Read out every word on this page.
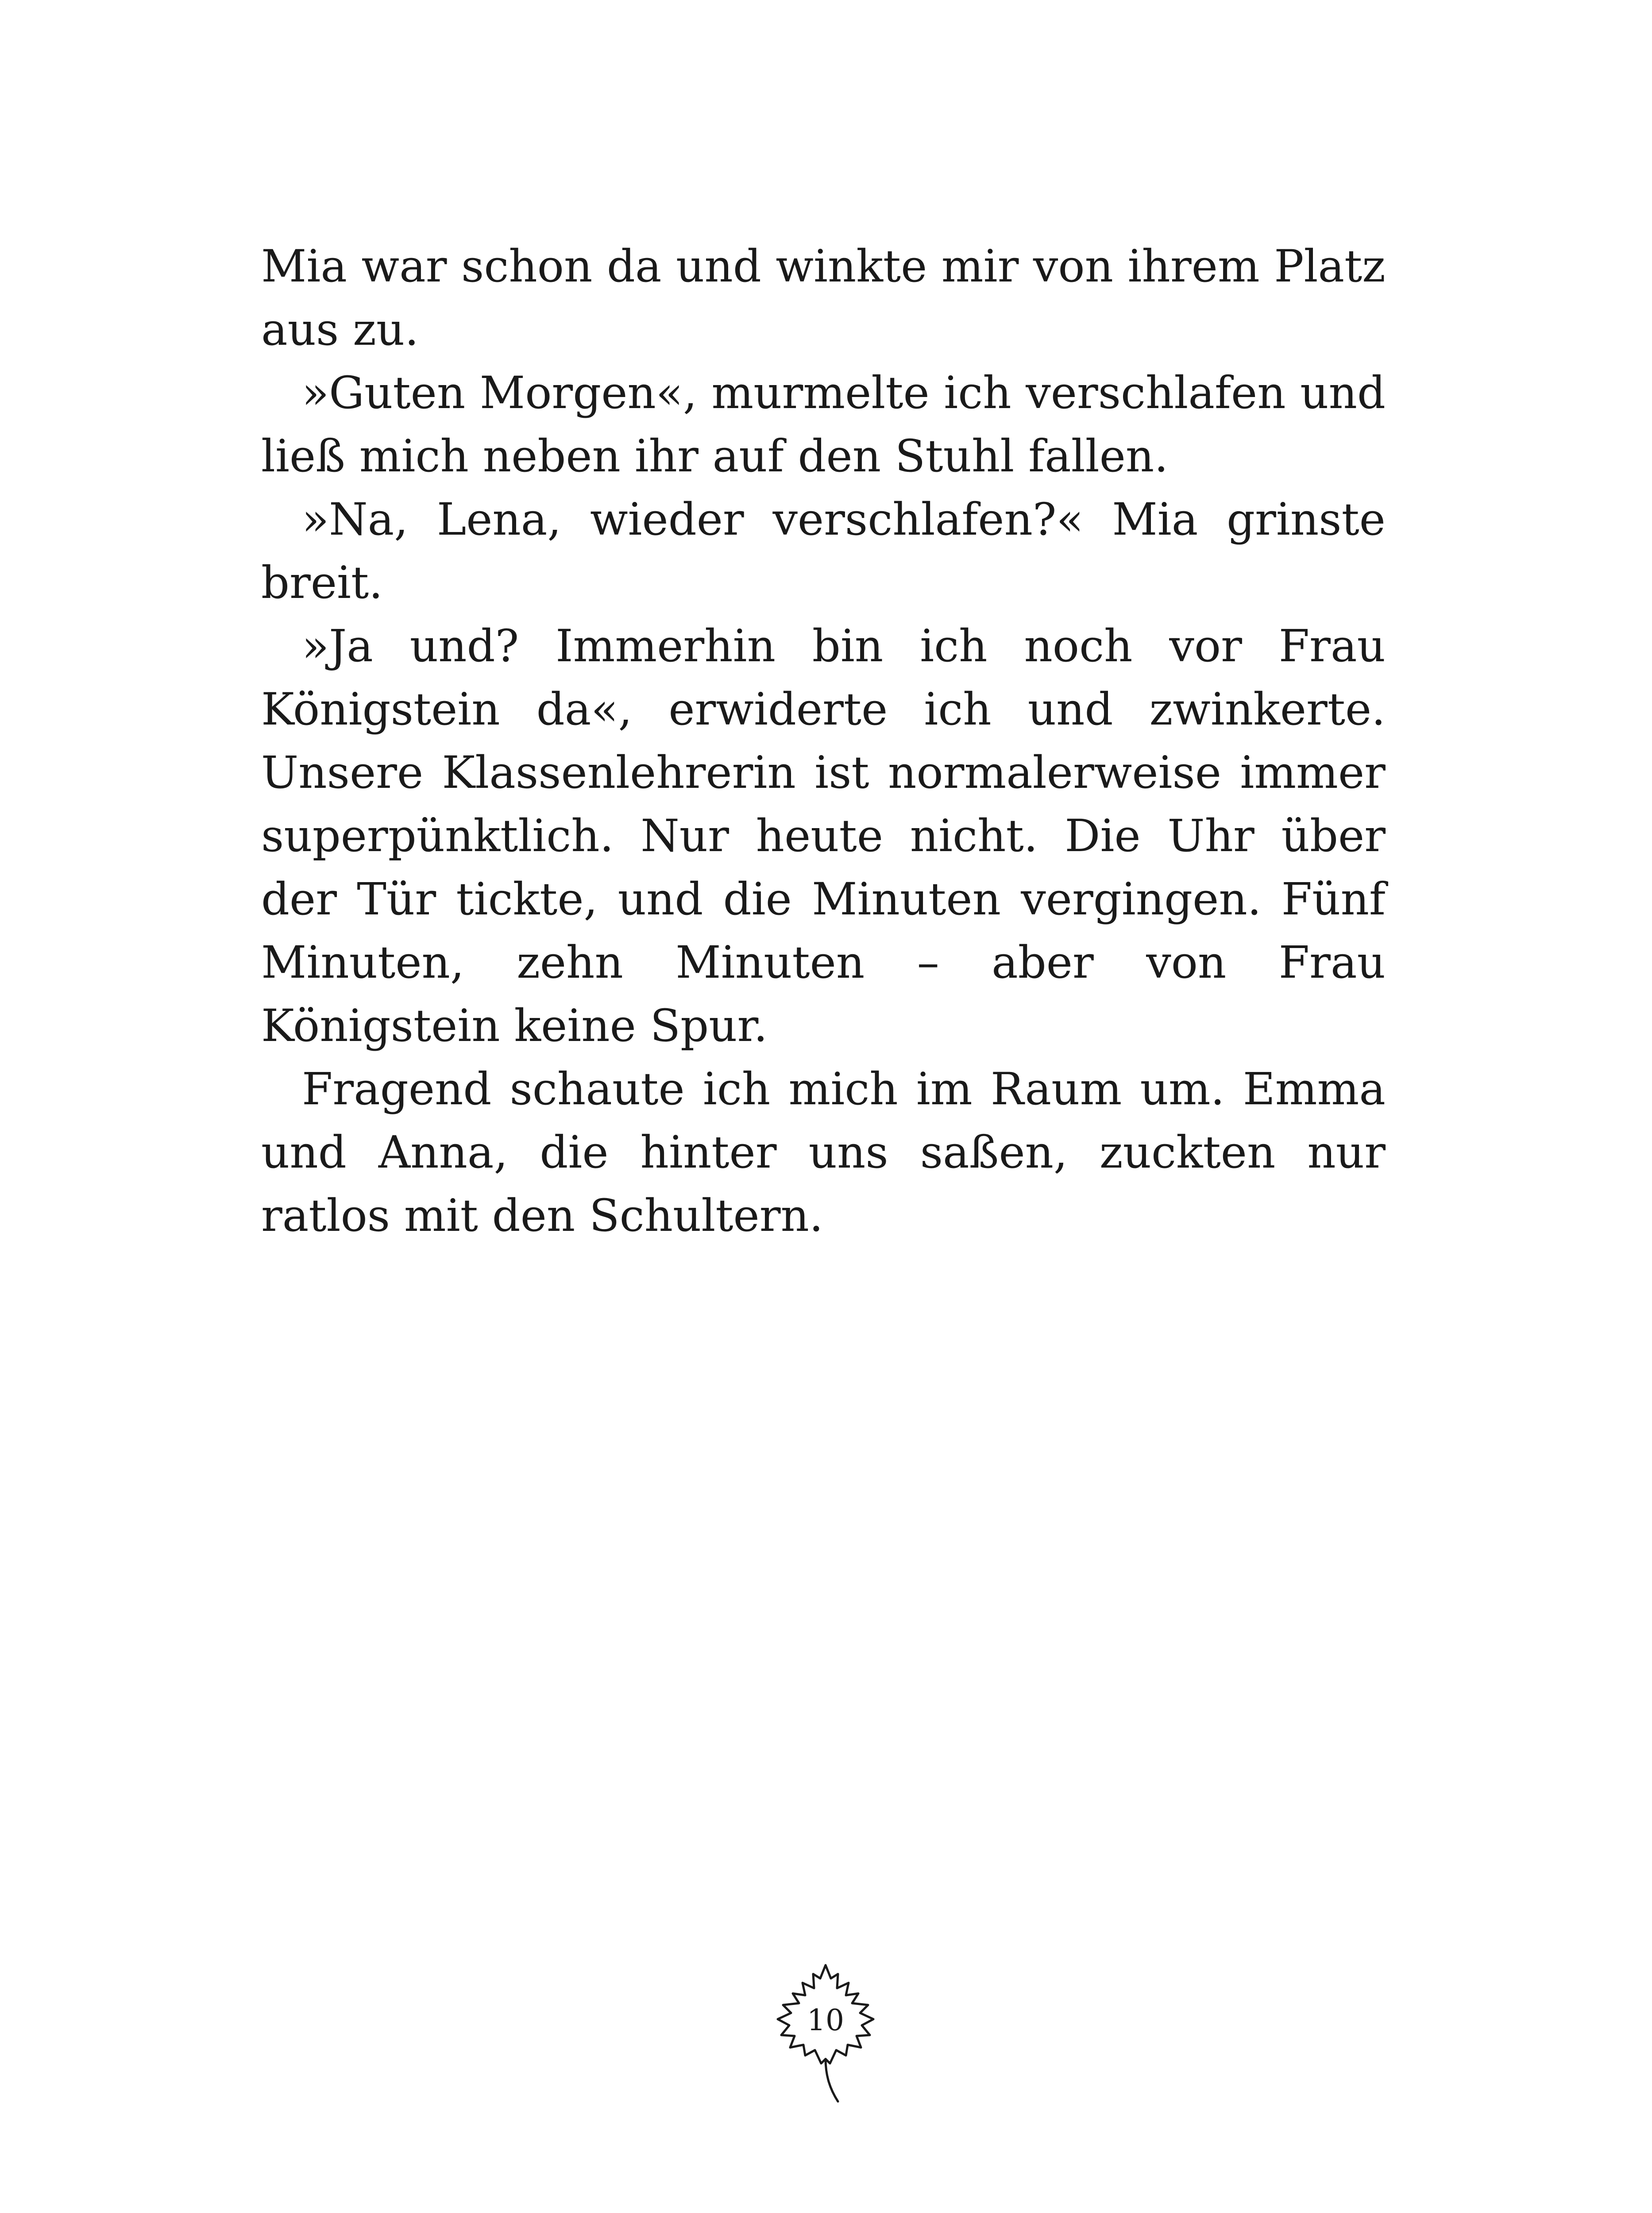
Mia war schon da und winkte mir von ihrem Platz aus zu.

»Guten Morgen«, murmelte ich verschlafen und ließ mich neben ihr auf den Stuhl fallen.

»Na, Lena, wieder verschlafen?« Mia grinste breit.

»Ja und? Immerhin bin ich noch vor Frau Königstein da«, erwiderte ich und zwinkerte. Unsere Klassenlehrerin ist normalerweise immer superpünktlich. Nur heute nicht. Die Uhr über der Tür tickte, und die Minuten vergingen. Fünf Minuten, zehn Minuten – aber von Frau Königstein keine Spur.

Fragend schaute ich mich im Raum um. Emma und Anna, die hinter uns saßen, zuckten nur ratlos mit den Schultern.

10
